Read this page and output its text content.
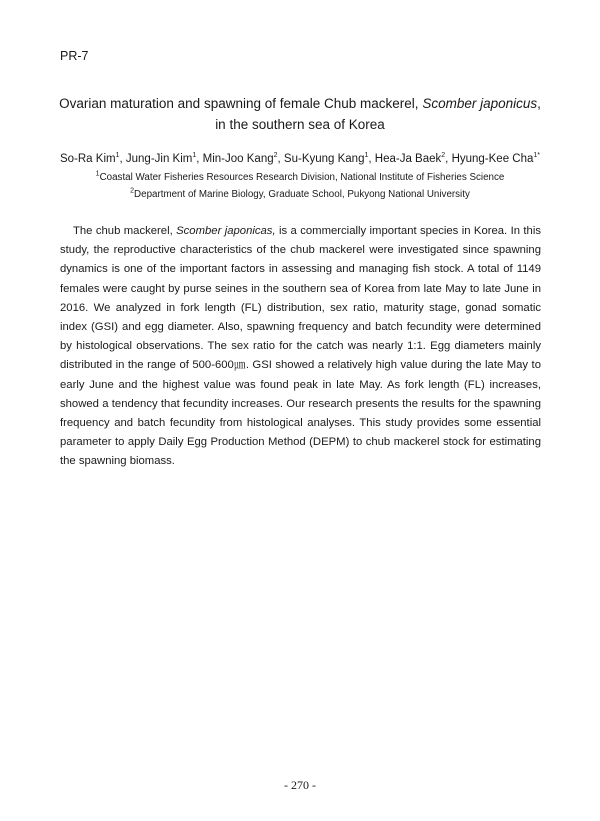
PR-7
Ovarian maturation and spawning of female Chub mackerel, Scomber japonicus, in the southern sea of Korea
So-Ra Kim$^1$, Jung-Jin Kim$^1$, Min-Joo Kang$^2$, Su-Kyung Kang$^1$, Hea-Ja Baek$^2$, Hyung-Kee Cha$^{1*}$
$^1$Coastal Water Fisheries Resources Research Division, National Institute of Fisheries Science
$^2$Department of Marine Biology, Graduate School, Pukyong National University

The chub mackerel, Scomber japonicas, is a commercially important species in Korea. In this study, the reproductive characteristics of the chub mackerel were investigated since spawning dynamics is one of the important factors in assessing and managing fish stock. A total of 1149 females were caught by purse seines in the southern sea of Korea from late May to late June in 2016. We analyzed in fork length (FL) distribution, sex ratio, maturity stage, gonad somatic index (GSI) and egg diameter. Also, spawning frequency and batch fecundity were determined by histological observations. The sex ratio for the catch was nearly 1:1. Egg diameters mainly distributed in the range of 500-600㎛. GSI showed a relatively high value during the late May to early June and the highest value was found peak in late May. As fork length (FL) increases, showed a tendency that fecundity increases. Our research presents the results for the spawning frequency and batch fecundity from histological analyses. This study provides some essential parameter to apply Daily Egg Production Method (DEPM) to chub mackerel stock for estimating the spawning biomass.

- 270 -
